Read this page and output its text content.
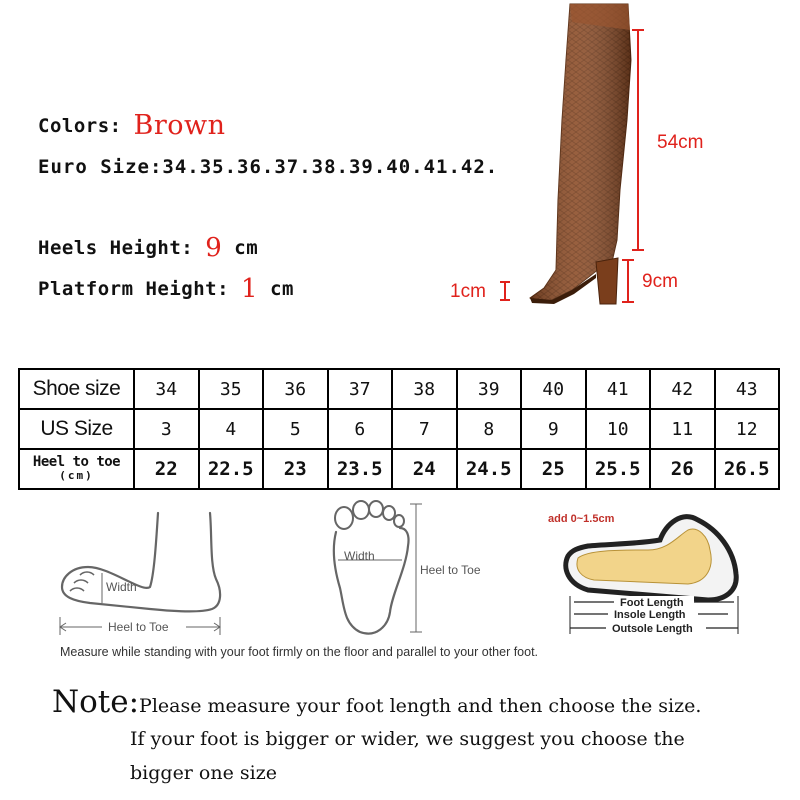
Colors: Brown
Euro Size:34.35.36.37.38.39.40.41.42.
Heels Height: 9 cm
Platform Height: 1 cm
54cm
9cm
1cm
Shoe size	34	35	36	37	38	39	40	41	42	43
US Size	3	4	5	6	7	8	9	10	11	12

Heel to toe
(cm)	22	22.5	23	23.5	24	24.5	25	25.5	26	26.5
Width
Heel to Toe
Width
Heel to Toe
add 0~1.5cm
Foot Length
Insole Length
Outsole Length
Measure while standing with your foot firmly on the floor and parallel to your other foot.
Note:Please measure your foot length and then choose the size.
If your foot is bigger or wider, we suggest you choose the
bigger one size
